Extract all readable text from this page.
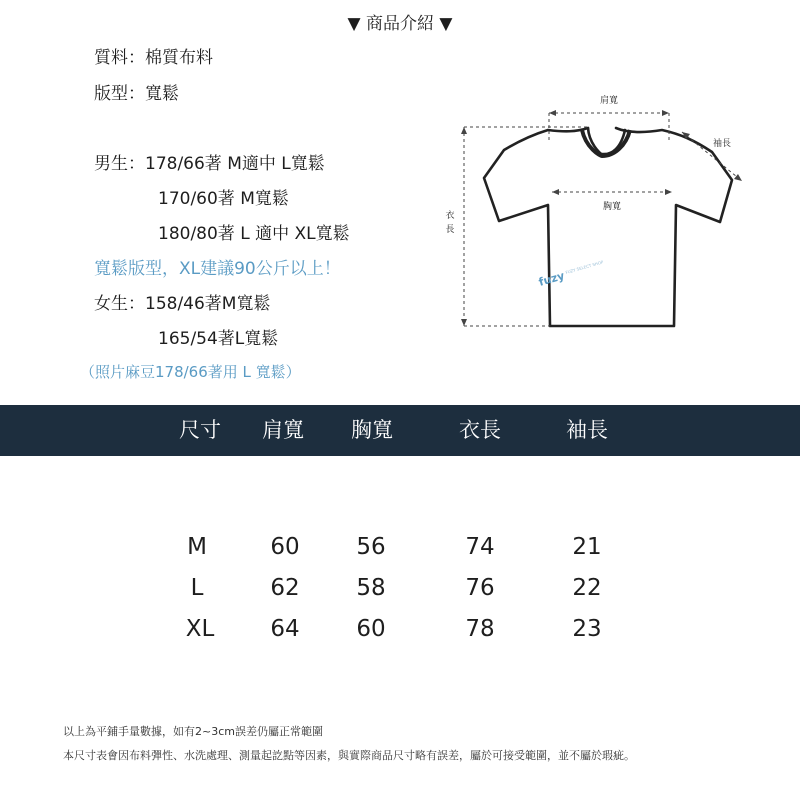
▼ 商品介紹 ▼
質料：棉質布料
版型：寬鬆
男生：178/66著 M適中 L寬鬆
170/60著 M寬鬆
180/80著 L 適中 XL寬鬆
寬鬆版型，XL建議90公斤以上！
女生：158/46著M寬鬆
165/54著L寬鬆
（照片麻豆178/66著用 L 寬鬆）
肩寬
袖長
胸寬
衣
長
fuzy
FUZY SELECT SHOP
尺寸	肩寬	胸寬	衣長	袖長
M	60	56	74	21
L	62	58	76	22
XL	64	60	78	23
以上為平鋪手量數據，如有2~3cm誤差仍屬正常範圍
本尺寸表會因布料彈性、水洗處理、測量起訖點等因素，與實際商品尺寸略有誤差，屬於可接受範圍，並不屬於瑕疵。
